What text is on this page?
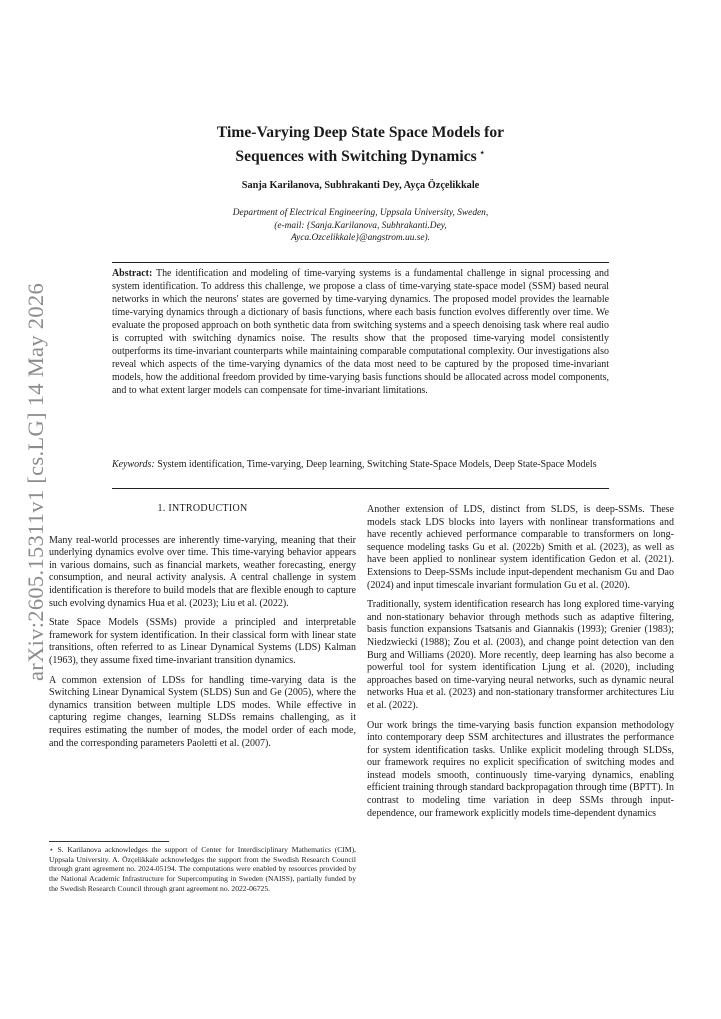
arXiv:2605.15311v1 [cs.LG] 14 May 2026
Time-Varying Deep State Space Models for
Sequences with Switching Dynamics ⋆
Sanja Karilanova, Subhrakanti Dey, Ayça Özçelikkale
Department of Electrical Engineering, Uppsala University, Sweden,
(e-mail: {Sanja.Karilanova, Subhrakanti.Dey,
Ayca.Ozcelikkale}@angstrom.uu.se).

Abstract: The identification and modeling of time-varying systems is a fundamental challenge in signal processing and system identification. To address this challenge, we propose a class of time-varying state-space model (SSM) based neural networks in which the neurons' states are governed by time-varying dynamics. The proposed model provides the learnable time-varying dynamics through a dictionary of basis functions, where each basis function evolves differently over time. We evaluate the proposed approach on both synthetic data from switching systems and a speech denoising task where real audio is corrupted with switching dynamics noise. The results show that the proposed time-varying model consistently outperforms its time-invariant counterparts while maintaining comparable computational complexity. Our investigations also reveal which aspects of the time-varying dynamics of the data most need to be captured by the proposed time-invariant models, how the additional freedom provided by time-varying basis functions should be allocated across model components, and to what extent larger models can compensate for time-invariant limitations.

Keywords: System identification, Time-varying, Deep learning, Switching State-Space Models, Deep State-Space Models

1. INTRODUCTION

Many real-world processes are inherently time-varying, meaning that their underlying dynamics evolve over time. This time-varying behavior appears in various domains, such as financial markets, weather forecasting, energy consumption, and neural activity analysis. A central challenge in system identification is therefore to build models that are flexible enough to capture such evolving dynamics Hua et al. (2023); Liu et al. (2022).

State Space Models (SSMs) provide a principled and interpretable framework for system identification. In their classical form with linear state transitions, often referred to as Linear Dynamical Systems (LDS) Kalman (1963), they assume fixed time-invariant transition dynamics.

A common extension of LDSs for handling time-varying data is the Switching Linear Dynamical System (SLDS) Sun and Ge (2005), where the dynamics transition between multiple LDS modes. While effective in capturing regime changes, learning SLDSs remains challenging, as it requires estimating the number of modes, the model order of each mode, and the corresponding parameters Paoletti et al. (2007).

Another extension of LDS, distinct from SLDS, is deep-SSMs. These models stack LDS blocks into layers with nonlinear transformations and have recently achieved performance comparable to transformers on long-sequence modeling tasks Gu et al. (2022b) Smith et al. (2023), as well as have been applied to nonlinear system identification Gedon et al. (2021). Extensions to Deep-SSMs include input-dependent mechanism Gu and Dao (2024) and input timescale invariant formulation Gu et al. (2020).

Traditionally, system identification research has long explored time-varying and non-stationary behavior through methods such as adaptive filtering, basis function expansions Tsatsanis and Giannakis (1993); Grenier (1983); Niedzwiecki (1988); Zou et al. (2003), and change point detection van den Burg and Williams (2020). More recently, deep learning has also become a powerful tool for system identification Ljung et al. (2020), including approaches based on time-varying neural networks, such as dynamic neural networks Hua et al. (2023) and non-stationary transformer architectures Liu et al. (2022).

Our work brings the time-varying basis function expansion methodology into contemporary deep SSM architectures and illustrates the performance for system identification tasks. Unlike explicit modeling through SLDSs, our framework requires no explicit specification of switching modes and instead models smooth, continuously time-varying dynamics, enabling efficient training through standard backpropagation through time (BPTT). In contrast to modeling time variation in deep SSMs through input-dependence, our framework explicitly models time-dependent dynamics

⋆ S. Karilanova acknowledges the support of Center for Interdisciplinary Mathematics (CIM), Uppsala University. A. Özçelikkale acknowledges the support from the Swedish Research Council through grant agreement no. 2024-05194. The computations were enabled by resources provided by the National Academic Infrastructure for Supercomputing in Sweden (NAISS), partially funded by the Swedish Research Council through grant agreement no. 2022-06725.
